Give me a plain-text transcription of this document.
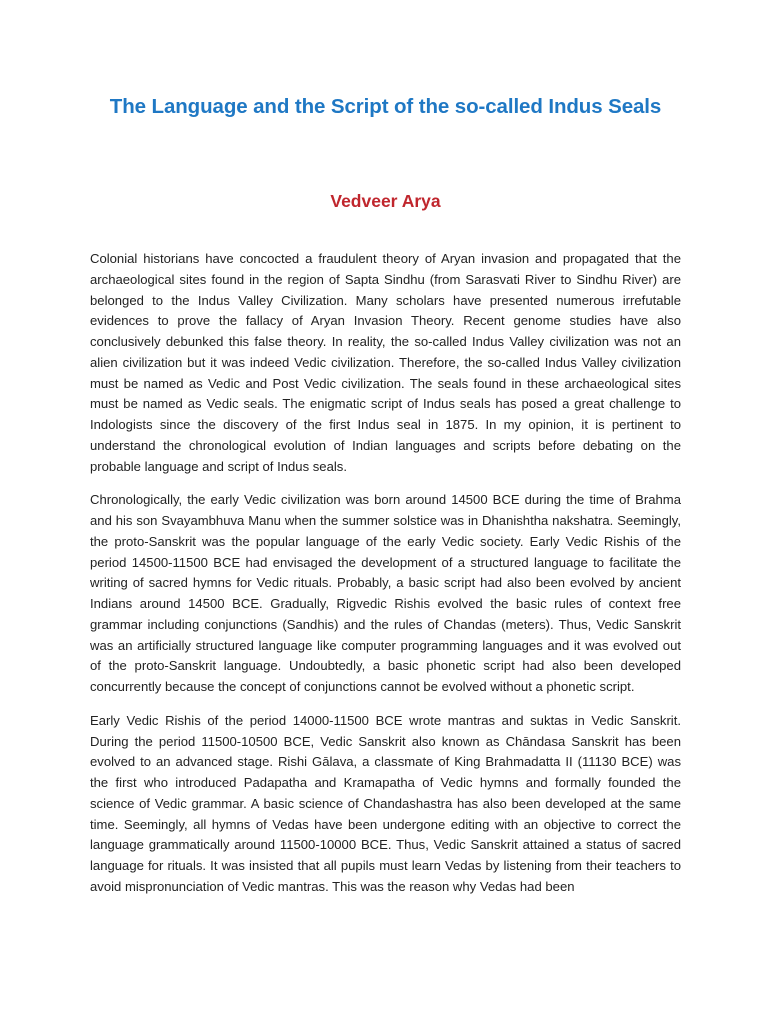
The Language and the Script of the so-called Indus Seals
Vedveer Arya

Colonial historians have concocted a fraudulent theory of Aryan invasion and propagated that the archaeological sites found in the region of Sapta Sindhu (from Sarasvati River to Sindhu River) are belonged to the Indus Valley Civilization. Many scholars have presented numerous irrefutable evidences to prove the fallacy of Aryan Invasion Theory. Recent genome studies have also conclusively debunked this false theory. In reality, the so-called Indus Valley civilization was not an alien civilization but it was indeed Vedic civilization. Therefore, the so-called Indus Valley civilization must be named as Vedic and Post Vedic civilization. The seals found in these archaeological sites must be named as Vedic seals. The enigmatic script of Indus seals has posed a great challenge to Indologists since the discovery of the first Indus seal in 1875. In my opinion, it is pertinent to understand the chronological evolution of Indian languages and scripts before debating on the probable language and script of Indus seals.

Chronologically, the early Vedic civilization was born around 14500 BCE during the time of Brahma and his son Svayambhuva Manu when the summer solstice was in Dhanishtha nakshatra. Seemingly, the proto-Sanskrit was the popular language of the early Vedic society. Early Vedic Rishis of the period 14500-11500 BCE had envisaged the development of a structured language to facilitate the writing of sacred hymns for Vedic rituals. Probably, a basic script had also been evolved by ancient Indians around 14500 BCE. Gradually, Rigvedic Rishis evolved the basic rules of context free grammar including conjunctions (Sandhis) and the rules of Chandas (meters). Thus, Vedic Sanskrit was an artificially structured language like computer programming languages and it was evolved out of the proto-Sanskrit language. Undoubtedly, a basic phonetic script had also been developed concurrently because the concept of conjunctions cannot be evolved without a phonetic script.

Early Vedic Rishis of the period 14000-11500 BCE wrote mantras and suktas in Vedic Sanskrit. During the period 11500-10500 BCE, Vedic Sanskrit also known as Chāndasa Sanskrit has been evolved to an advanced stage. Rishi Gālava, a classmate of King Brahmadatta II (11130 BCE) was the first who introduced Padapatha and Kramapatha of Vedic hymns and formally founded the science of Vedic grammar. A basic science of Chandashastra has also been developed at the same time. Seemingly, all hymns of Vedas have been undergone editing with an objective to correct the language grammatically around 11500-10000 BCE. Thus, Vedic Sanskrit attained a status of sacred language for rituals. It was insisted that all pupils must learn Vedas by listening from their teachers to avoid mispronunciation of Vedic mantras. This was the reason why Vedas had been
